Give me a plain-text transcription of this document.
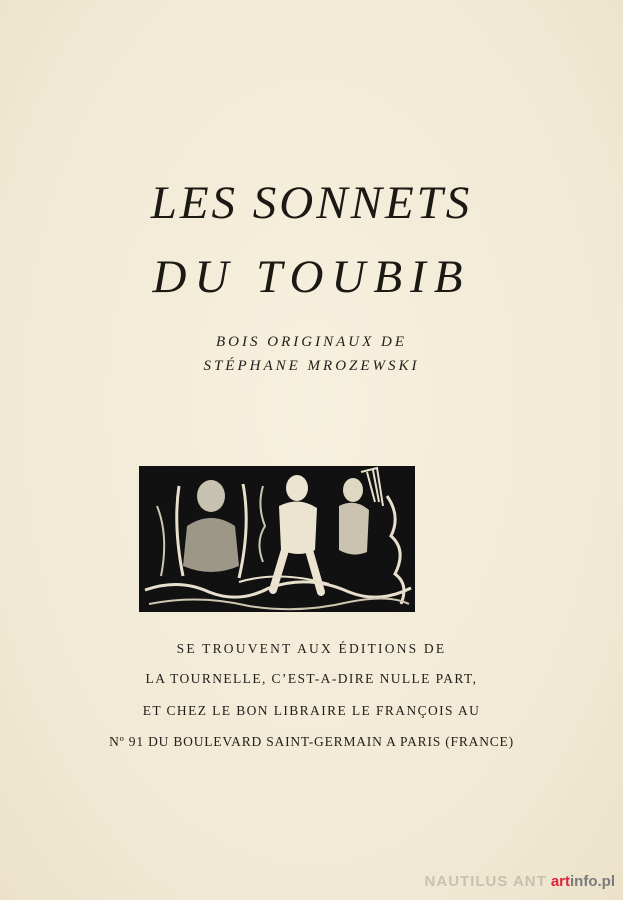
LES SONNETS
DU TOUBIB
BOIS ORIGINAUX DE
STÉPHANE MROZEWSKI
SE TROUVENT AUX ÉDITIONS DE
LA TOURNELLE, C’EST-A-DIRE NULLE PART,
ET CHEZ LE BON LIBRAIRE LE FRANÇOIS AU
Nº 91 DU BOULEVARD SAINT-GERMAIN A PARIS (FRANCE)
NAUTILUS ANT artinfo.pl
